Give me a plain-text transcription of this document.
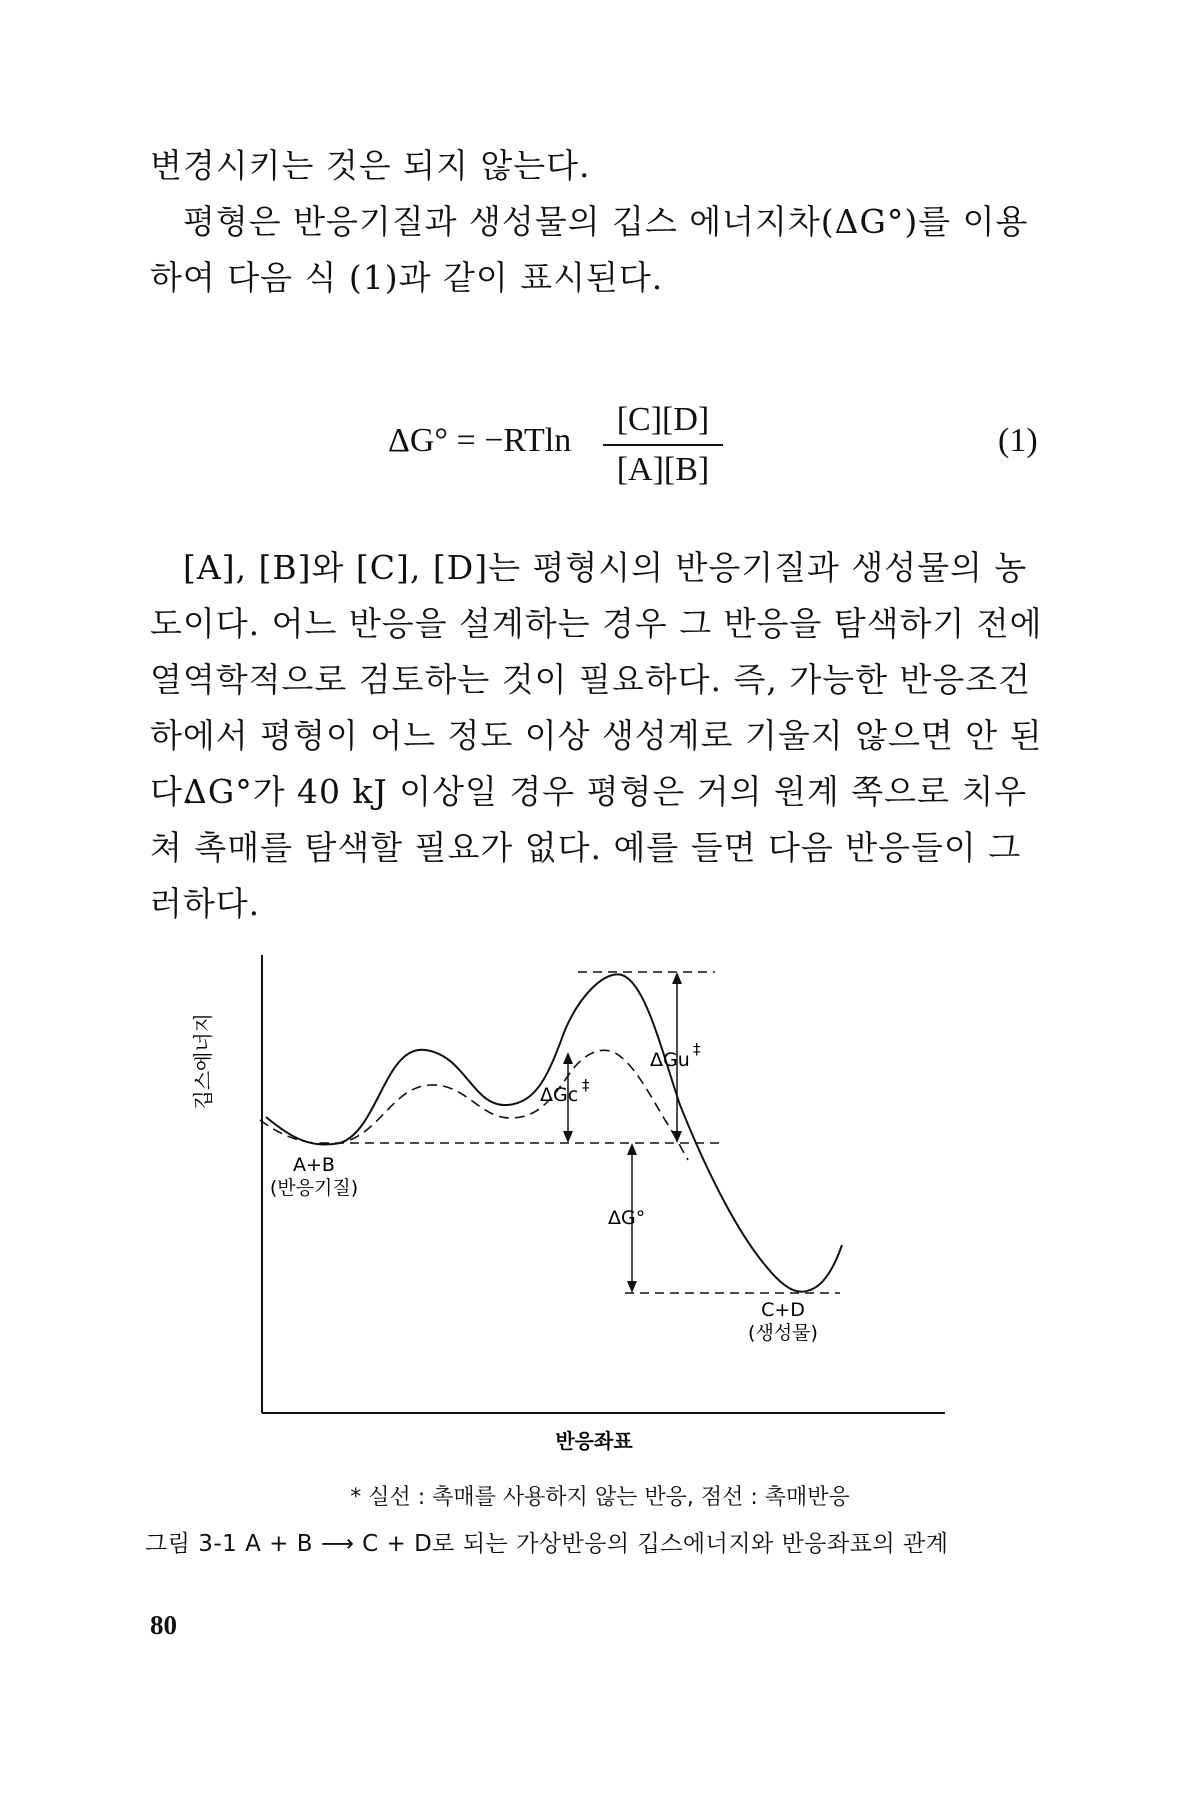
변경시키는 것은 되지 않는다.

평형은 반응기질과 생성물의 깁스 에너지차(ΔG°)를 이용하여 다음 식 (1)과 같이 표시된다.

ΔG° = −RTln
[C][D]
[A][B]
(1)

[A], [B]와 [C], [D]는 평형시의 반응기질과 생성물의 농도이다. 어느 반응을 설계하는 경우 그 반응을 탐색하기 전에 열역학적으로 검토하는 것이 필요하다. 즉, 가능한 반응조건하에서 평형이 어느 정도 이상 생성계로 기울지 않으면 안 된다.

ΔG°가 40 kJ 이상일 경우 평형은 거의 원계 쪽으로 치우쳐 촉매를 탐색할 필요가 없다. 예를 들면 다음 반응들이 그러하다.

깁스에너지	ΔGu ‡
ΔGc ‡
ΔG°
A+B
(반응기질)
C+D
(생성물)
반응좌표
* 실선 : 촉매를 사용하지 않는 반응, 점선 : 촉매반응
그림 3-1 A + B ⟶ C + D로 되는 가상반응의 깁스에너지와 반응좌표의 관계
80
